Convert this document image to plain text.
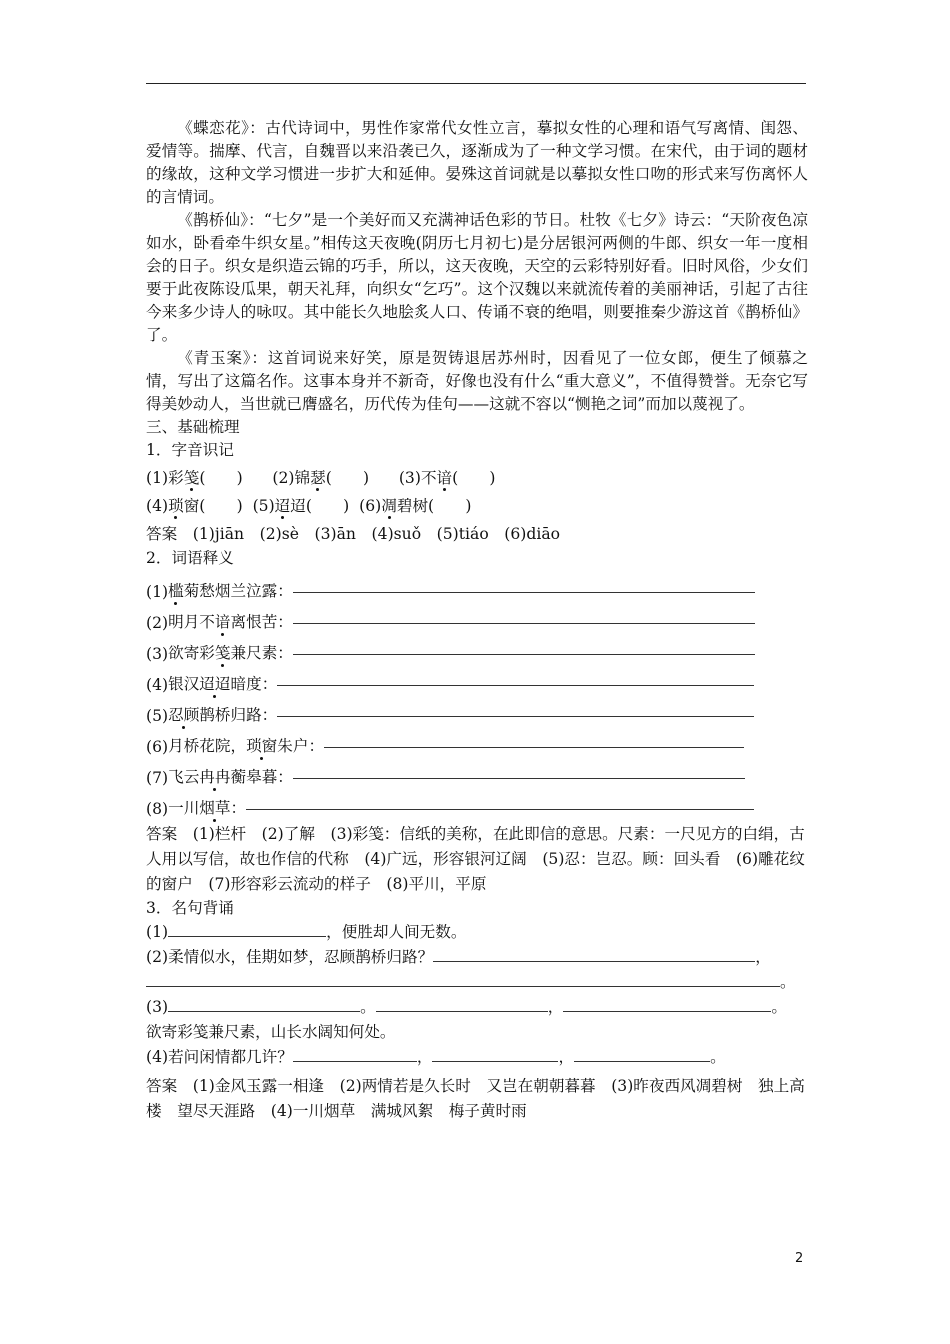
《蝶恋花》：古代诗词中，男性作家常代女性立言，摹拟女性的心理和语气写离情、闺怨、爱情等。揣摩、代言，自魏晋以来沿袭已久，逐渐成为了一种文学习惯。在宋代，由于词的题材的缘故，这种文学习惯进一步扩大和延伸。晏殊这首词就是以摹拟女性口吻的形式来写伤离怀人的言情词。

《鹊桥仙》：“七夕”是一个美好而又充满神话色彩的节日。杜牧《七夕》诗云：“天阶夜色凉如水，卧看牵牛织女星。”相传这天夜晚(阴历七月初七)是分居银河两侧的牛郎、织女一年一度相会的日子。织女是织造云锦的巧手，所以，这天夜晚，天空的云彩特别好看。旧时风俗，少女们要于此夜陈设瓜果，朝天礼拜，向织女“乞巧”。这个汉魏以来就流传着的美丽神话，引起了古往今来多少诗人的咏叹。其中能长久地脍炙人口、传诵不衰的绝唱，则要推秦少游这首《鹊桥仙》了。

《青玉案》：这首词说来好笑，原是贺铸退居苏州时，因看见了一位女郎，便生了倾慕之情，写出了这篇名作。这事本身并不新奇，好像也没有什么“重大意义”，不值得赞誉。无奈它写得美妙动人，当世就已膺盛名，历代传为佳句——这就不容以“恻艳之词”而加以蔑视了。

三、基础梳理

1．字音识记

(1)彩笺(　　) (2)锦瑟(　　) (3)不谙(　　)
(4)琐窗(　　) (5)迢迢(　　) (6)凋碧树(　　)

答案　(1)jiān　(2)sè　(3)ān　(4)suǒ　(5)tiáo　(6)diāo

2．词语释义

(1) 槛 菊愁烟兰泣露：
(2) 明月不 谙 离恨苦：
(3) 欲寄彩 笺 兼尺素：
(4) 银汉 迢迢 暗度：
(5) 忍顾 鹊桥归路：
(6) 月桥花院， 琐窗 朱户：
(7) 飞云 冉冉 蘅皋暮：
(8) 一川 烟草 ：

答案　(1)栏杆　(2)了解　(3)彩笺：信纸的美称，在此即信的意思。尺素：一尺见方的白绢，古人用以写信，故也作信的代称　(4)广远，形容银河辽阔　(5)忍：岂忍。顾：回头看　(6)雕花纹的窗户　(7)形容彩云流动的样子　(8)平川，平原

3．名句背诵

(1)	，便胜却人间无数。

(2)柔情似水，佳期如梦，忍顾鹊桥归路？	，

。

(3)	。	，	。

欲寄彩笺兼尺素，山长水阔知何处。

(4)若问闲情都几许？	，	，	。

答案　(1)金风玉露一相逢　(2)两情若是久长时　又岂在朝朝暮暮　(3)昨夜西风凋碧树　独上高楼　望尽天涯路　(4)一川烟草　满城风絮　梅子黄时雨

2
